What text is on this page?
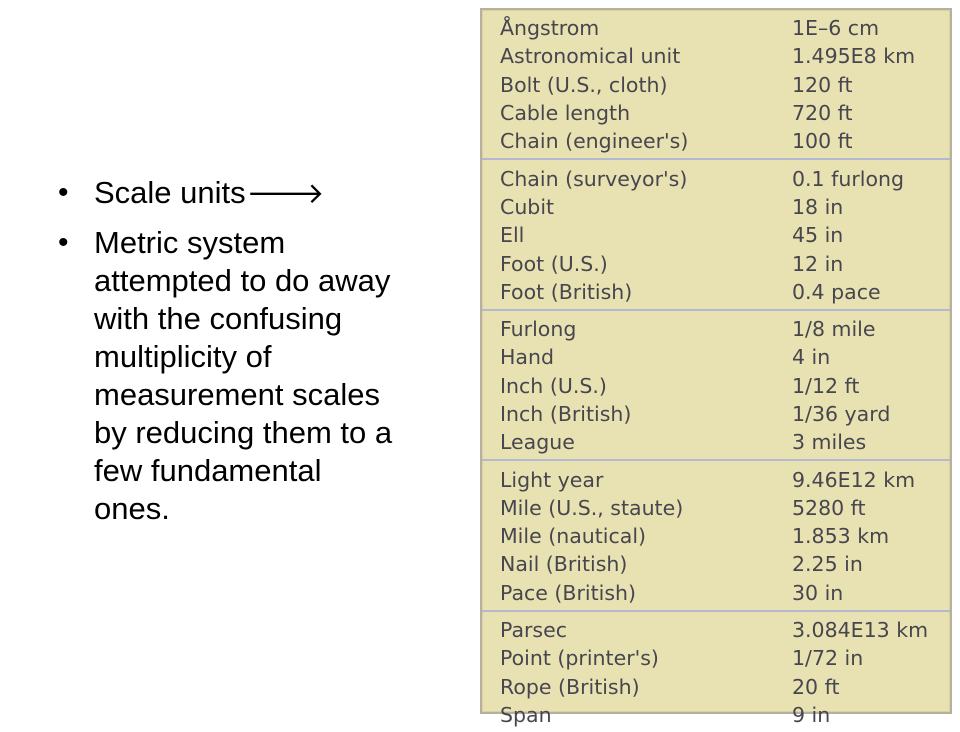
• Scale units🡒
• Metric system
attempted to do away
with the confusing
multiplicity of
measurement scales
by reducing them to a
few fundamental
ones.
Ångstrom	1E–6 cm
Astronomical unit	1.495E8 km
Bolt (U.S., cloth)	120 ft
Cable length	720 ft
Chain (engineer's)	100 ft
Chain (surveyor's)	0.1 furlong
Cubit	18 in
Ell	45 in
Foot (U.S.)	12 in
Foot (British)	0.4 pace
Furlong	1/8 mile
Hand	4 in
Inch (U.S.)	1/12 ft
Inch (British)	1/36 yard
League	3 miles
Light year	9.46E12 km
Mile (U.S., staute)	5280 ft
Mile (nautical)	1.853 km
Nail (British)	2.25 in
Pace (British)	30 in
Parsec	3.084E13 km
Point (printer's)	1/72 in
Rope (British)	20 ft
Span	9 in
